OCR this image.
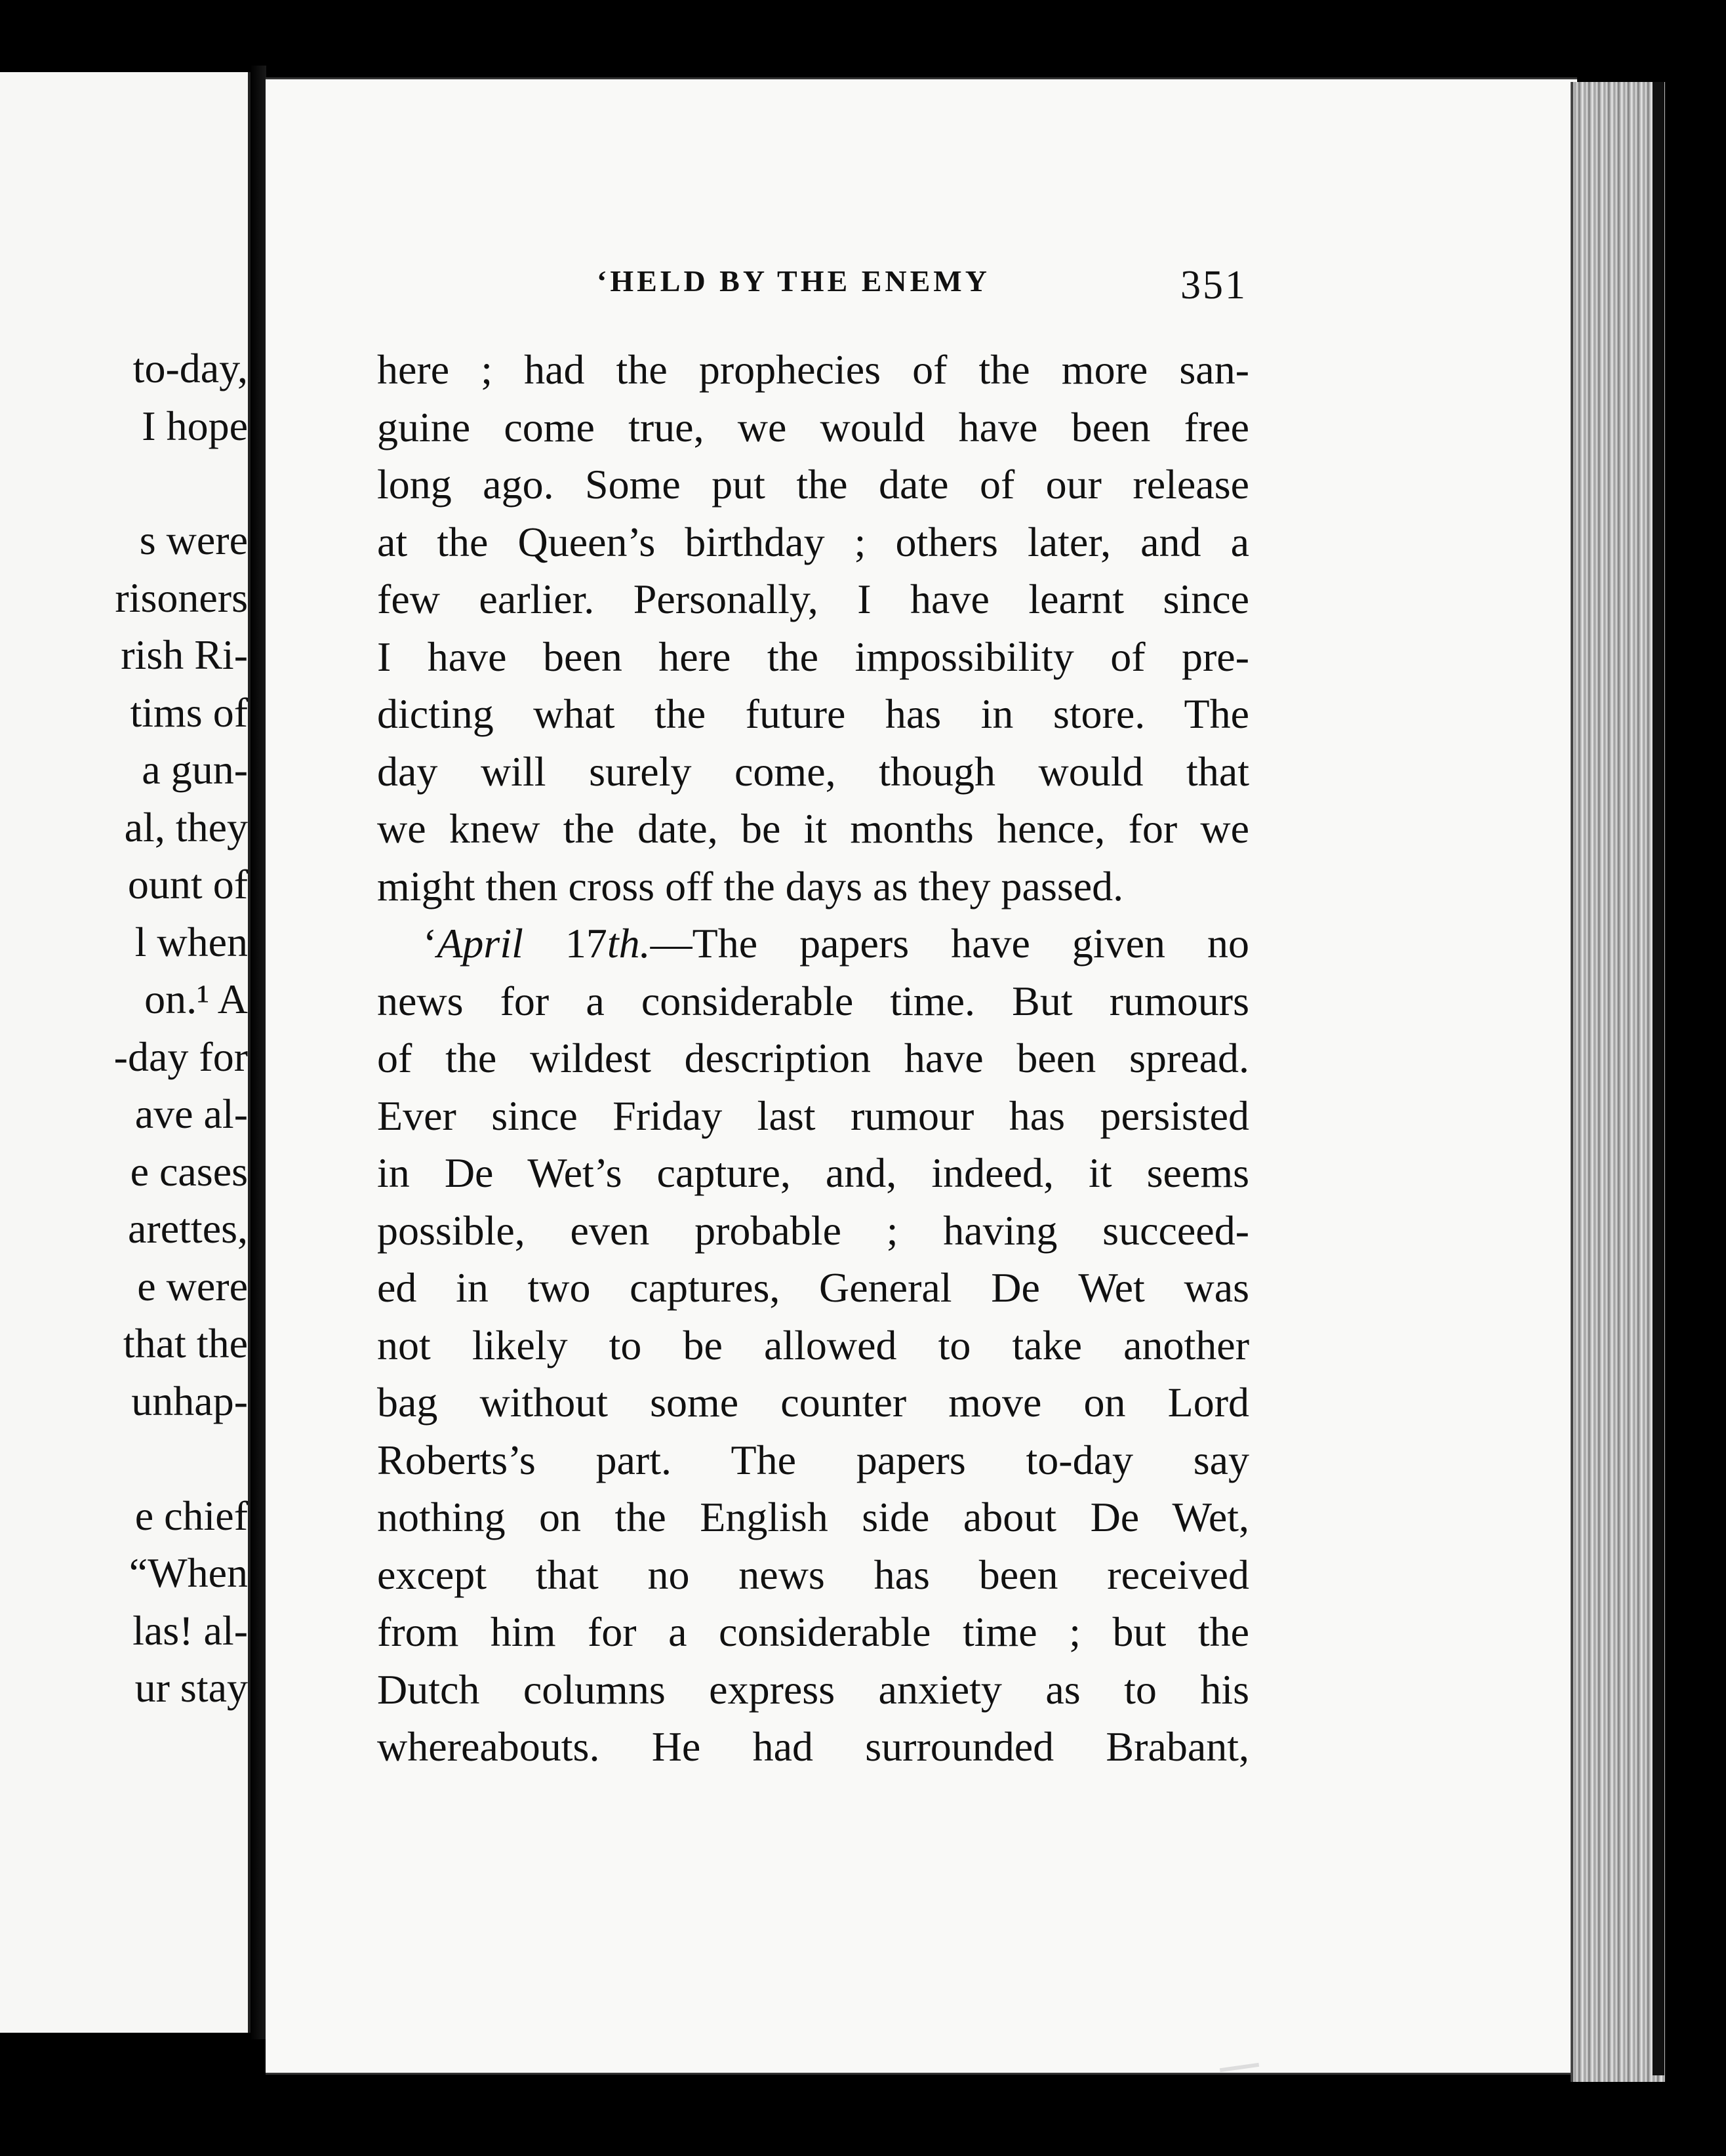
to-day,
I hope
s were
risoners
rish Ri-
tims of
a gun-
al, they
ount of
l when
on.¹ A
-day for
ave al-
e cases
arettes,
e were
that the
unhap-
e chief
“When
las! al-
ur stay
‘HELD BY THE ENEMY	351
here ; had the prophecies of the more san-
guine come true, we would have been free
long ago. Some put the date of our release
at the Queen’s birthday ; others later, and a
few earlier. Personally, I have learnt since
I have been here the impossibility of pre-
dicting what the future has in store. The
day will surely come, though would that
we knew the date, be it months hence, for we
might then cross off the days as they passed.
‘April 17th.—The papers have given no
news for a considerable time. But rumours
of the wildest description have been spread.
Ever since Friday last rumour has persisted
in De Wet’s capture, and, indeed, it seems
possible, even probable ; having succeed-
ed in two captures, General De Wet was
not likely to be allowed to take another
bag without some counter move on Lord
Roberts’s part. The papers to-day say
nothing on the English side about De Wet,
except that no news has been received
from him for a considerable time ; but the
Dutch columns express anxiety as to his
whereabouts. He had surrounded Brabant,
